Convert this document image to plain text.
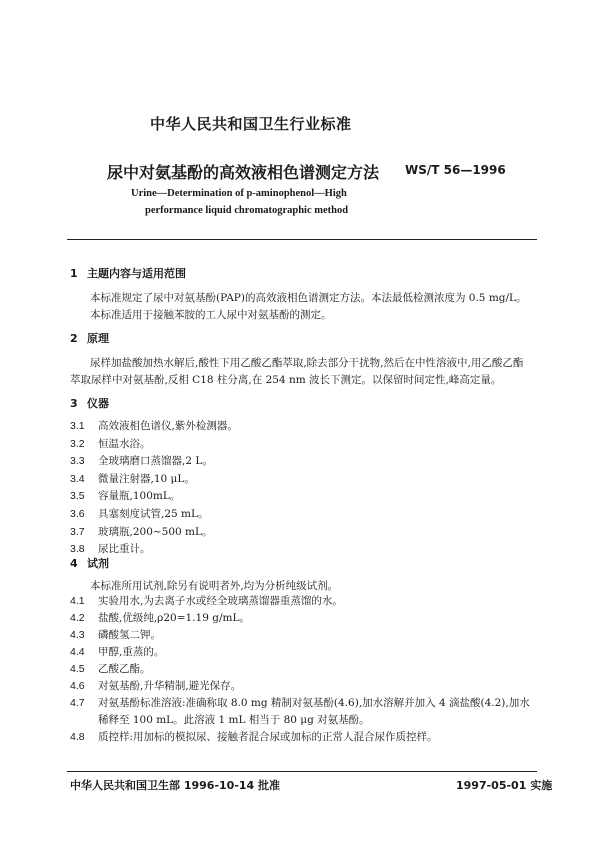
中华人民共和国卫生行业标准
尿中对氨基酚的高效液相色谱测定方法 WS/T 56—1996
Urine—Determination of p-aminophenol—High
performance liquid chromatographic method
1 主题内容与适用范围
本标准规定了尿中对氨基酚(PAP)的高效液相色谱测定方法。本法最低检测浓度为 0.5 mg/L。
本标准适用于接触苯胺的工人尿中对氨基酚的测定。
2 原理
尿样加盐酸加热水解后,酸性下用乙酸乙酯萃取,除去部分干扰物,然后在中性溶液中,用乙酸乙酯
萃取尿样中对氨基酚,反相 C18 柱分离,在 254 nm 波长下测定。以保留时间定性,峰高定量。
3 仪器
3.1 高效液相色谱仪,紫外检测器。
3.2 恒温水浴。
3.3 全玻璃磨口蒸馏器,2 L。
3.4 微量注射器,10 μL。
3.5 容量瓶,100mL。
3.6 具塞刻度试管,25 mL。
3.7 玻璃瓶,200~500 mL。
3.8 尿比重计。
4 试剂
本标准所用试剂,除另有说明者外,均为分析纯级试剂。
4.1 实验用水,为去离子水或经全玻璃蒸馏器重蒸馏的水。
4.2 盐酸,优级纯,ρ20=1.19 g/mL。
4.3 磷酸氢二钾。
4.4 甲醇,重蒸的。
4.5 乙酸乙酯。
4.6 对氨基酚,升华精制,避光保存。
4.7 对氨基酚标准溶液:准确称取 8.0 mg 精制对氨基酚(4.6),加水溶解并加入 4 滴盐酸(4.2),加水
稀释至 100 mL。此溶液 1 mL 相当于 80 μg 对氨基酚。
4.8 质控样:用加标的模拟尿、接触者混合尿或加标的正常人混合尿作质控样。
中华人民共和国卫生部 1996-10-14 批准	1997-05-01 实施
